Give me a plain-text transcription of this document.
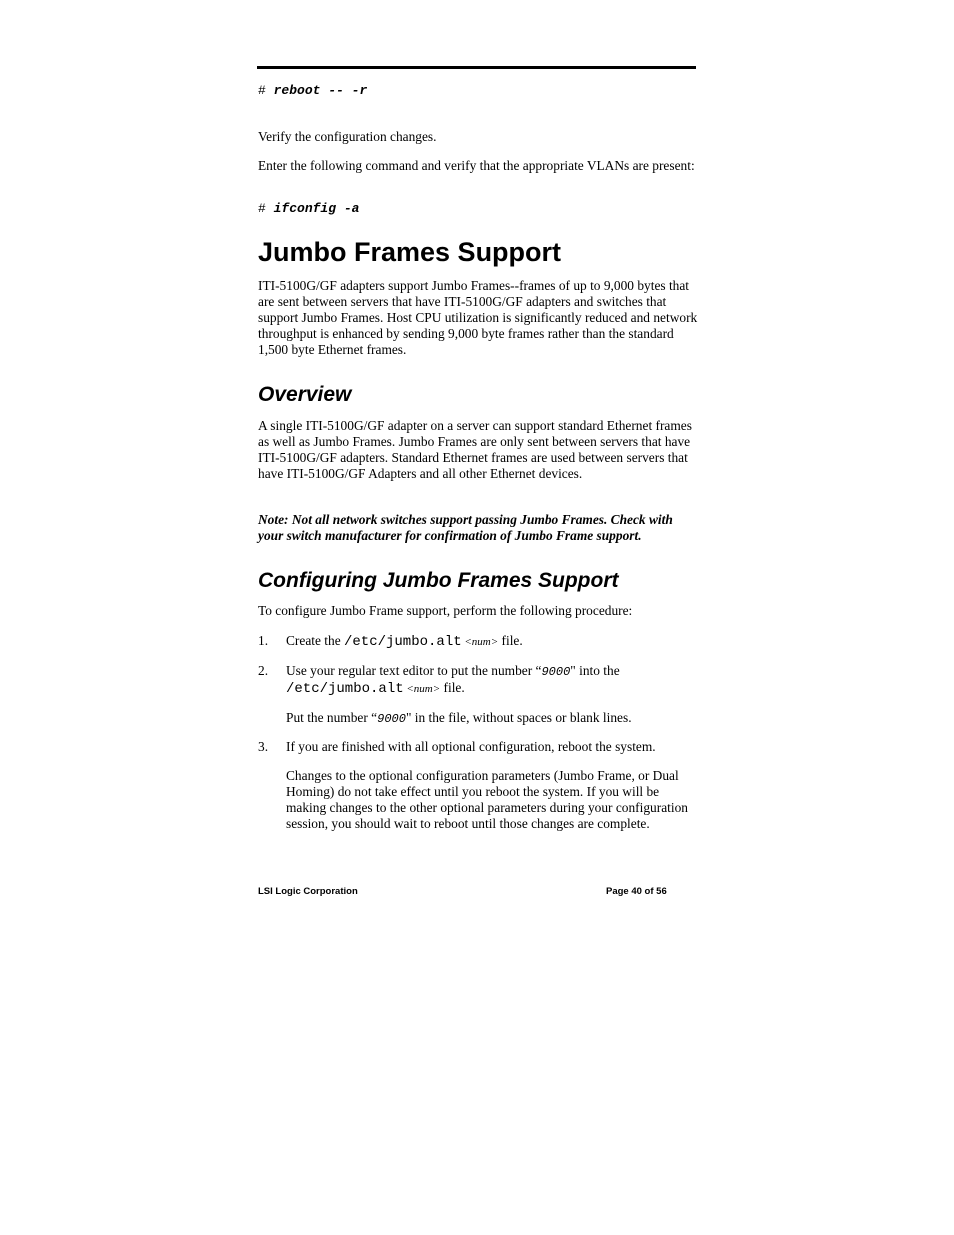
# reboot -- -r

Verify the configuration changes.

Enter the following command and verify that the appropriate VLANs are present:

# ifconfig -a

Jumbo Frames Support

ITI-5100G/GF adapters support Jumbo Frames--frames of up to 9,000 bytes that are sent between servers that have ITI-5100G/GF adapters and switches that support Jumbo Frames. Host CPU utilization is significantly reduced and network throughput is enhanced by sending 9,000 byte frames rather than the standard 1,500 byte Ethernet frames.

Overview

A single ITI-5100G/GF adapter on a server can support standard Ethernet frames as well as Jumbo Frames. Jumbo Frames are only sent between servers that have ITI-5100G/GF adapters. Standard Ethernet frames are used between servers that have ITI-5100G/GF Adapters and all other Ethernet devices.

Note: Not all network switches support passing Jumbo Frames. Check with your switch manufacturer for confirmation of Jumbo Frame support.

Configuring Jumbo Frames Support

To configure Jumbo Frame support, perform the following procedure:

1.	Create the /etc/jumbo.alt <num> file.

2.	Use your regular text editor to put the number “9000" into the
/etc/jumbo.alt <num> file.

Put the number “9000" in the file, without spaces or blank lines.

3.	If you are finished with all optional configuration, reboot the system.

Changes to the optional configuration parameters (Jumbo Frame, or Dual Homing) do not take effect until you reboot the system. If you will be making changes to the other optional parameters during your configuration session, you should wait to reboot until those changes are complete.

LSI Logic Corporation	Page 40 of 56
